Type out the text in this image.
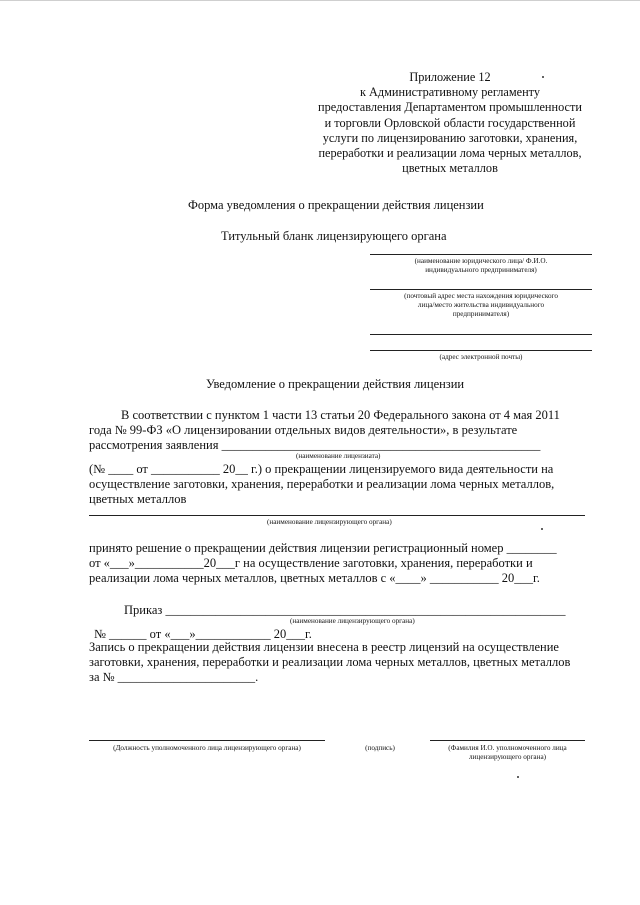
Приложение 12
к Административному регламенту
предоставления Департаментом промышленности
и торговли Орловской области государственной
услуги по лицензированию заготовки, хранения,
переработки и реализации лома черных металлов,
цветных металлов
Форма уведомления о прекращении действия лицензии
Титульный бланк лицензирующего органа
(наименование юридического лица/ Ф.И.О.
индивидуального предпринимателя)
(почтовый адрес места нахождения юридического
лица/место жительства индивидуального
предпринимателя)
(адрес электронной почты)
Уведомление о прекращении действия лицензии
В соответствии с пунктом 1 части 13 статьи 20 Федерального закона от 4 мая 2011
года № 99-ФЗ «О лицензировании отдельных видов деятельности», в результате
рассмотрения заявления ___________________________________________________
(наименование лицензиата)
(№ ____ от ___________ 20__ г.) о прекращении лицензируемого вида деятельности на
осуществление заготовки, хранения, переработки и реализации лома черных металлов,
цветных металлов
(наименование лицензирующего органа)
принято решение о прекращении действия лицензии регистрационный номер ________
от «___»___________20___г на осуществление заготовки, хранения, переработки и
реализации лома черных металлов, цветных металлов с «____» ___________ 20___г.
Приказ ________________________________________________________________
(наименование лицензирующего органа)
№ ______ от «___»____________ 20___г.
Запись о прекращении действия лицензии внесена в реестр лицензий на осуществление
заготовки, хранения, переработки и реализации лома черных металлов, цветных металлов
за № ______________________.
(Должность уполномоченного лица лицензирующего органа)	(подпись)	(Фамилия И.О. уполномоченного лица
лицензирующего органа)
